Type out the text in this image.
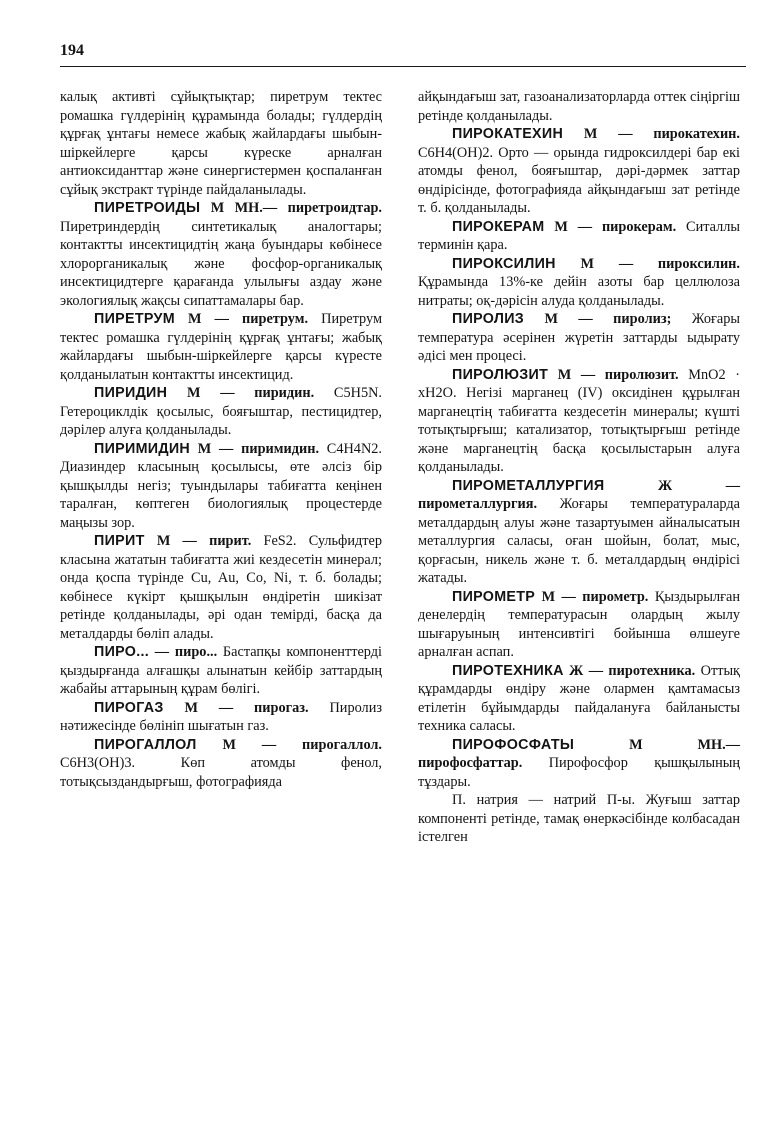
194

калық активті сұйықтықтар; пиретрум тектес ромашка гүлдерінің құрамында болады; гүлдердің құрғақ ұнтағы немесе жабық жайлардағы шыбын-шіркейлерге қарсы күреске арналған антиоксиданттар және синергистермен қоспаланған сұйық экстракт түрінде пайдаланылады.

ПИРЕТРОИДЫ М МН.— пиретроидтар. Пиретриндердің синтетикалық аналогтары; контактты инсектицидтің жаңа буындары көбінесе хлорорганикалық және фосфор-органикалық инсектицидтерге қарағанда улылығы аздау және экологиялық жақсы сипаттамалары бар.

ПИРЕТРУМ М — пиретрум. Пиретрум тектес ромашка гүлдерінің құрғақ ұнтағы; жабық жайлардағы шыбын-шіркейлерге қарсы күресте қолданылатын контактты инсектицид.

ПИРИДИН М — пиридин. C5H5N. Гетероциклдік қосылыс, бояғыштар, пестицидтер, дәрілер алуға қолданылады.

ПИРИМИДИН М — пиримидин. C4H4N2. Диазиндер класының қосылысы, өте әлсіз бір қышқылды негіз; туындылары табиғатта кеңінен таралған, көптеген биологиялық процестерде маңызы зор.

ПИРИТ М — пирит. FeS2. Сульфидтер класына жататын табиғатта жиі кездесетін минерал; онда қоспа түрінде Cu, Au, Co, Ni, т. б. болады; көбінесе күкірт қышқылын өндіретін шикізат ретінде қолданылады, әрі одан темірді, басқа да металдарды бөліп алады.

ПИРО... — пиро... Бастапқы компоненттерді қыздырғанда алғашқы алынатын кейбір заттардың жабайы аттарының құрам бөлігі.

ПИРОГАЗ М — пирогаз. Пиролиз нәтижесінде бөлініп шығатын газ.

ПИРОГАЛЛОЛ М — пирогаллол. C6H3(OH)3. Көп атомды фенол, тотықсыздандырғыш, фотографияда

айқындағыш зат, газоанализаторларда оттек сіңіргіш ретінде қолданылады.

ПИРОКАТЕХИН М — пирокатехин. C6H4(OH)2. Орто — орында гидроксилдері бар екі атомды фенол, бояғыштар, дәрі-дәрмек заттар өндірісінде, фотографияда айқындағыш зат ретінде т. б. қолданылады.

ПИРОКЕРАМ М — пирокерам. Ситаллы терминін қара.

ПИРОКСИЛИН М — пироксилин. Құрамында 13%-ке дейін азоты бар целлюлоза нитраты; оқ-дәрісін алуда қолданылады.

ПИРОЛИЗ М — пиролиз; Жоғары температура әсерінен жүретін заттарды ыдырату әдісі мен процесі.

ПИРОЛЮЗИТ М — пиролюзит. MnO2 · xH2O. Негізі марганец (IV) оксидінен құрылған марганецтің табиғатта кездесетін минералы; күшті тотықтырғыш; катализатор, тотықтырғыш ретінде және марганецтің басқа қосылыстарын алуға қолданылады.

ПИРОМЕТАЛЛУРГИЯ Ж — пирометаллургия. Жоғары температураларда металдардың алуы және тазартуымен айналысатын металлургия саласы, оған шойын, болат, мыс, қорғасын, никель және т. б. металдардың өндірісі жатады.

ПИРОМЕТР М — пирометр. Қыздырылған денелердің температурасын олардың жылу шығаруының интенсивтігі бойынша өлшеуге арналған аспап.

ПИРОТЕХНИКА Ж — пиротехника. Оттық құрамдарды өндіру және олармен қамтамасыз етілетін бұйымдарды пайдалануға байланысты техника саласы.

ПИРОФОСФАТЫ М МН.— пирофосфаттар. Пирофосфор қышқылының тұздары.

П. натрия — натрий П-ы. Жуғыш заттар компоненті ретінде, тамақ өнеркәсібінде колбасадан істелген
